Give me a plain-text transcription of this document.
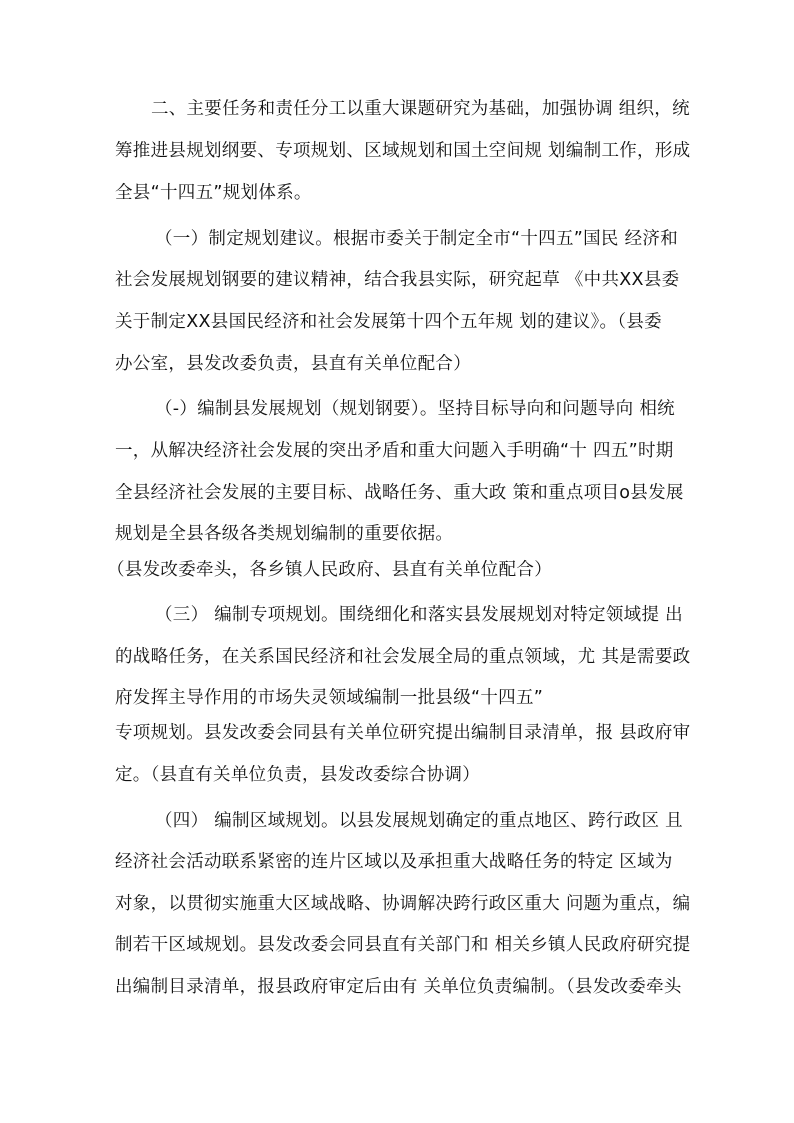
二、主要任务和责任分工以重大课题研究为基础，加强协调 组织，统
筹推进县规划纲要、专项规划、区域规划和国土空间规 划编制工作，形成
全县“十四五”规划体系。
（一）制定规划建议。根据市委关于制定全市“十四五”国民 经济和
社会发展规划钢要的建议精神，结合我县实际，研究起草 《中共XX县委
关于制定XX县国民经济和社会发展第十四个五年规 划的建议》。（县委
办公室，县发改委负责，县直有关单位配合）
（-）编制县发展规划（规划钢要）。坚持目标导向和问题导向 相统
一，从解决经济社会发展的突出矛盾和重大问题入手明确“十 四五”时期
全县经济社会发展的主要目标、战略任务、重大政 策和重点项目o县发展
规划是全县各级各类规划编制的重要依据。
（县发改委牵头，各乡镇人民政府、县直有关单位配合）
（三） 编制专项规划。围绕细化和落实县发展规划对特定领域提 出
的战略任务，在关系国民经济和社会发展全局的重点领域，尤 其是需要政
府发挥主导作用的市场失灵领域编制一批县级“十四五”
专项规划。县发改委会同县有关单位研究提出编制目录清单，报 县政府审
定。（县直有关单位负责，县发改委综合协调）
（四） 编制区域规划。以县发展规划确定的重点地区、跨行政区 且
经济社会活动联系紧密的连片区域以及承担重大战略任务的特定 区域为
对象，以贯彻实施重大区域战略、协调解决跨行政区重大 问题为重点，编
制若干区域规划。县发改委会同县直有关部门和 相关乡镇人民政府研究提
出编制目录清单，报县政府审定后由有 关单位负责编制。（县发改委牵头
